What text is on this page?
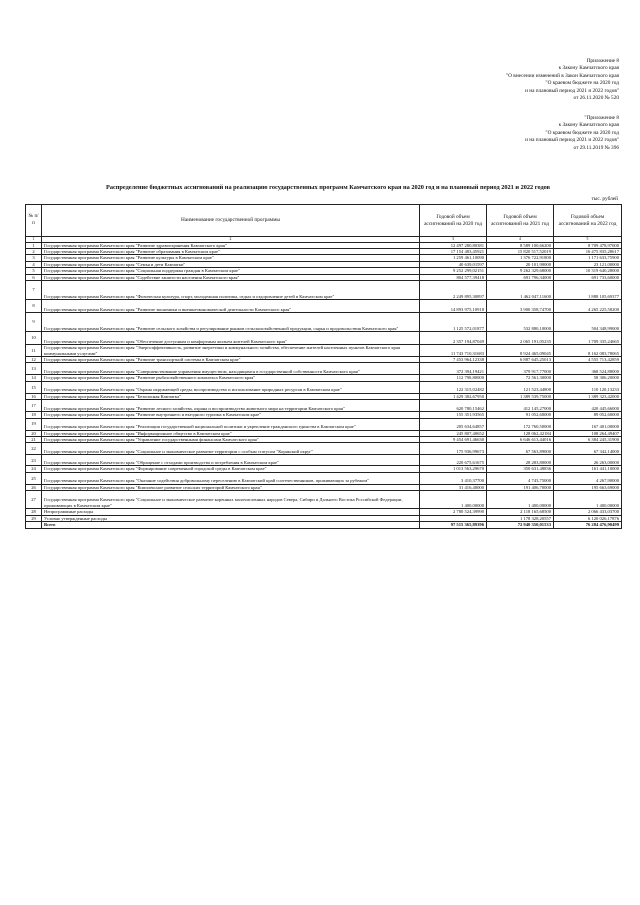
Приложение 8
к Закону Камчатского края
"О внесении изменений в Закон Камчатского края
"О краевом бюджете на 2020 год
и на плановый период 2021 и 2022 годов"
от 26.11.2020 № 520
"Приложение 8
к Закону Камчатского края
"О краевом бюджете на 2020 год
и на плановый период 2021 и 2022 годов"
от 29.11.2019 № 396
Распределение бюджетных ассигнований на реализацию государственных программ Камчатского края на 2020 год и на плановый период 2021 и 2022 годов
тыс. рублей
№ п/п	Наименование государственной программы	Годовой объем ассигнований на 2020 год	Годовой объем ассигнований на 2021 год	Годовой объем ассигнований на 2022 год
1	2	3	4	5
1	Государственная программа Камчатского края "Развитие здравоохранения Камчатского края"	12 497 280,80381	8 589 100,66200	8 709 478,97000
2	Государственная программа Камчатского края "Развитие образования в Камчатском крае"	17 154 483,45921	15 820 517,52019	16 475 835,28617
3	Государственная программа Камчатского края "Развитие культуры в Камчатском крае"	1 259 461,10090	1 376 722,91800	1 171 633,75900
4	Государственная программа Камчатского края "Семья и дети Камчатки"	40 639,01597	20 101,90000	23 121,00000
5	Государственная программа Камчатского края "Социальная поддержка граждан в Камчатском крае"	9 252 299,02151	9 262 329,68000	10 319 640,28000
6	Государственная программа Камчатского края "Содействие занятости населения Камчатского края"	804 577,39418	691 796,34000	691 733,60000
7	Государственная программа Камчатского края "Физическая культура, спорт, молодежная политика, отдых и оздоровление детей в Камчатском крае"	2 249 895,30897	1 462 047,11600	1 888 105,69377
8	Государственная программа Камчатского края "Развитие экономики и внешнеэкономической деятельности Камчатского края"	14 893 975,10918	3 900 358,74700	4 265 225,58200
9	Государственная программа Камчатского края "Развитие сельского хозяйства и регулирование рынков сельскохозяйственной продукции, сырья и продовольствия Камчатского края"	1 125 572,01877	532 880,10000	504 348,99000
10	Государственная программа Камчатского края "Обеспечение доступным и комфортным жильем жителей Камчатского края"	2 357 194,87049	2 065 191,05235	1 709 335,24665
11	Государственная программа Камчатского края "Энергоэффективность, развитие энергетики и коммунального хозяйства, обеспечение жителей населенных пунктов Камчатского края коммунальными услугами"	11 743 710,31683	8 924 465,09045	8 162 083,78065
12	Государственная программа Камчатского края "Развитие транспортной системы в Камчатском крае"	7 453 964,12338	6 887 645,25013	4 555 713,42859
13	Государственная программа Камчатского края "Совершенствование управления имуществом, находящимся в государственной собственности Камчатского края"	372 394,19421	379 917,77000	368 524,88000
14	Государственная программа Камчатского края "Развитие рыбохозяйственного комплекса Камчатского края"	112 790,80000	72 561,30000	58 306,20000
15	Государственная программа Камчатского края "Охрана окружающей среды, воспроизводство и использование природных ресурсов в Камчатском крае"	122 315,02482	121 523,44800	110 120,13233
16	Государственная программа Камчатского края "Безопасная Камчатка"	1 429 382,67950	1 389 539,75000	1 389 323,42000
17	Государственная программа Камчатского края "Развитие лесного хозяйства, охрана и воспроизводство животного мира на территории Камчатского края"	620 780,15462	412 145,27000	420 445,66000
18	Государственная программа Камчатского края "Развитие внутреннего и въездного туризма в Камчатском крае"	155 351,93565	91 052,60000	89 052,60000
19	Государственная программа Камчатского края "Реализация государственной национальной политики и укрепление гражданского единства в Камчатском крае"	205 634,64857	172 760,50000	167 401,00000
20	Государственная программа Камчатского края "Информационное общество в Камчатском крае"	245 807,40652	128 062,42184	108 264,49407
21	Государственная программа Камчатского края "Управление государственными финансами Камчатского края"	9 454 691,46630	6 646 613,44016	6 384 245,31900
22	Государственная программа Камчатского края "Социальное и экономическое развитие территории с особым статусом "Корякский округ"	175 936,99673	67 563,89000	67 342,14000
23	Государственная программа Камчатского края "Обращение с отходами производства и потребления в Камчатском крае"	220 675,61675	28 283,80000	26 263,00000
24	Государственная программа Камчатского края "Формирование современной городской среды в Камчатском крае"	1 013 563,29670	350 631,48836	161 441,10000
25	Государственная программа Камчатского края "Оказание содействия добровольному переселению в Камчатский край соотечественников, проживающих за рубежом"	3 410,37700	4 743,75000	4 267,90000
26	Государственная программа Камчатского края "Комплексное развитие сельских территорий Камчатского края"	31 416,40000	191 406,70000	195 663,69000
27	Государственная программа Камчатского края "Социальное и экономическое развитие коренных малочисленных народов Севера, Сибири и Дальнего Востока Российской Федерации, проживающих в Камчатском крае"	1 400,00000	1 400,00000	1 400,00000
28	Непрограммные расходы	2 780 524,39990	2 118 165,68500	2 066 433,03700
29	Условно утвержденные расходы		1 178 328,20557	6 120 026,17876
	Всего	97 515 365,89396	72 940 350,01533	76 284 476,90499
